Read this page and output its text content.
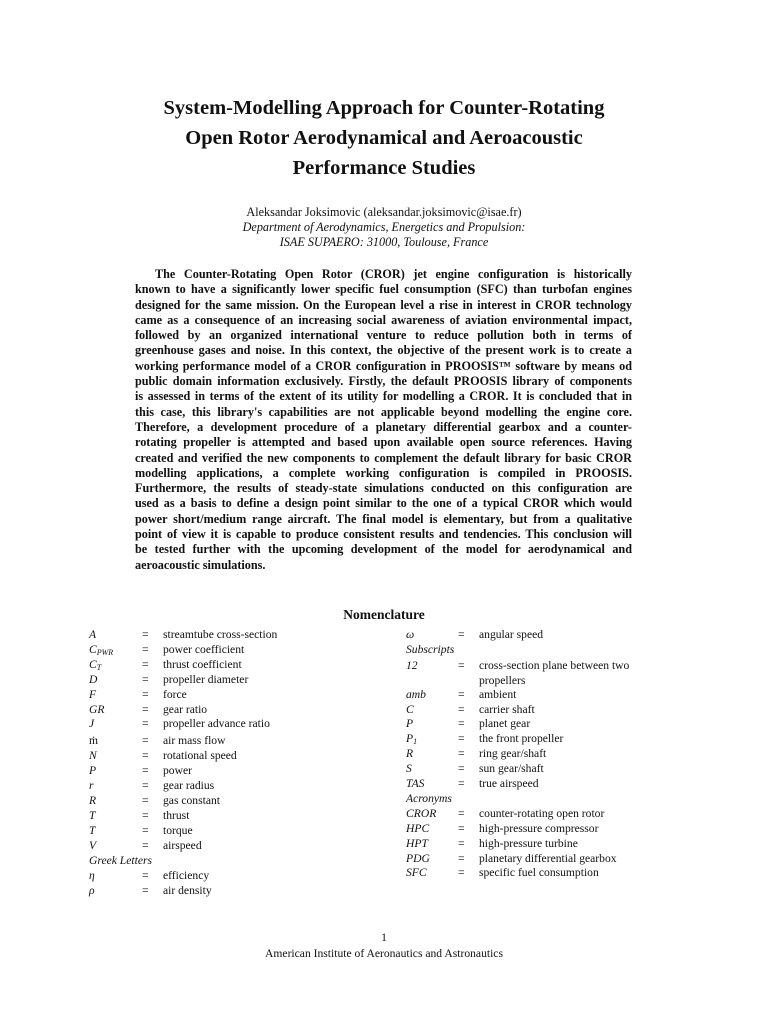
System-Modelling Approach for Counter-Rotating
Open Rotor Aerodynamical and Aeroacoustic
Performance Studies
Aleksandar Joksimovic (aleksandar.joksimovic@isae.fr)
Department of Aerodynamics, Energetics and Propulsion:
ISAE SUPAERO: 31000, Toulouse, France
The Counter-Rotating Open Rotor (CROR) jet engine configuration is historically
known to have a significantly lower specific fuel consumption (SFC) than turbofan engines
designed for the same mission. On the European level a rise in interest in CROR technology
came as a consequence of an increasing social awareness of aviation environmental impact,
followed by an organized international venture to reduce pollution both in terms of
greenhouse gases and noise. In this context, the objective of the present work is to create a
working performance model of a CROR configuration in PROOSIS™ software by means od
public domain information exclusively. Firstly, the default PROOSIS library of components
is assessed in terms of the extent of its utility for modelling a CROR. It is concluded that in
this case, this library's capabilities are not applicable beyond modelling the engine core.
Therefore, a development procedure of a planetary differential gearbox and a counter-
rotating propeller is attempted and based upon available open source references. Having
created and verified the new components to complement the default library for basic CROR
modelling applications, a complete working configuration is compiled in PROOSIS.
Furthermore, the results of steady-state simulations conducted on this configuration are
used as a basis to define a design point similar to the one of a typical CROR which would
power short/medium range aircraft. The final model is elementary, but from a qualitative
point of view it is capable to produce consistent results and tendencies. This conclusion will
be tested further with the upcoming development of the model for aerodynamical and
aeroacoustic simulations.
Nomenclature
A	=	streamtube cross-section
$C_{PWR}$	=	power coefficient
$C_T$	=	thrust coefficient
D	=	propeller diameter
F	=	force
GR	=	gear ratio
J	=	propeller advance ratio
ṁ	=	air mass flow
N	=	rotational speed
P	=	power
r	=	gear radius
R	=	gas constant
T	=	thrust
T	=	torque
V	=	airspeed
Greek Letters
η	=	efficiency
ρ	=	air density
ω	=	angular speed
Subscripts
12	=	cross-section plane between two propellers
amb	=	ambient
C	=	carrier shaft
P	=	planet gear
$P_1$	=	the front propeller
R	=	ring gear/shaft
S	=	sun gear/shaft
TAS	=	true airspeed
Acronyms
CROR	=	counter-rotating open rotor
HPC	=	high-pressure compressor
HPT	=	high-pressure turbine
PDG	=	planetary differential gearbox
SFC	=	specific fuel consumption
1
American Institute of Aeronautics and Astronautics
